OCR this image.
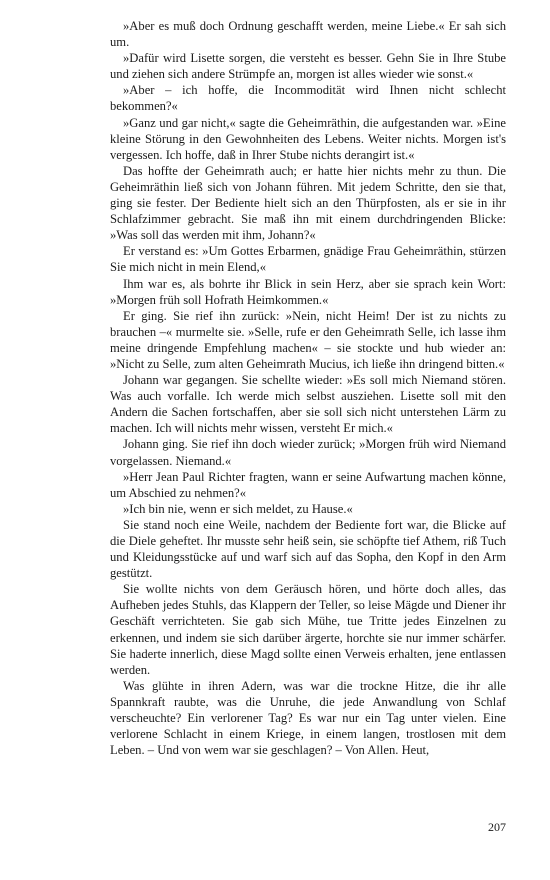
»Aber es muß doch Ordnung geschafft werden, meine Liebe.« Er sah sich um.

»Dafür wird Lisette sorgen, die versteht es besser. Gehn Sie in Ihre Stube und ziehen sich andere Strümpfe an, morgen ist alles wieder wie sonst.«

»Aber – ich hoffe, die Incommodität wird Ihnen nicht schlecht bekommen?«

»Ganz und gar nicht,« sagte die Geheimräthin, die aufgestanden war. »Eine kleine Störung in den Gewohnheiten des Lebens. Weiter nichts. Morgen ist's vergessen. Ich hoffe, daß in Ihrer Stube nichts derangirt ist.«

Das hoffte der Geheimrath auch; er hatte hier nichts mehr zu thun. Die Geheimräthin ließ sich von Johann führen. Mit jedem Schritte, den sie that, ging sie fester. Der Bediente hielt sich an den Thürpfosten, als er sie in ihr Schlafzimmer gebracht. Sie maß ihn mit einem durchdringenden Blicke: »Was soll das werden mit ihm, Johann?«

Er verstand es: »Um Gottes Erbarmen, gnädige Frau Geheimräthin, stürzen Sie mich nicht in mein Elend,«

Ihm war es, als bohrte ihr Blick in sein Herz, aber sie sprach kein Wort: »Morgen früh soll Hofrath Heimkommen.«

Er ging. Sie rief ihn zurück: »Nein, nicht Heim! Der ist zu nichts zu brauchen –« murmelte sie. »Selle, rufe er den Geheimrath Selle, ich lasse ihm meine dringende Empfehlung machen« – sie stockte und hub wieder an: »Nicht zu Selle, zum alten Geheimrath Mucius, ich ließe ihn dringend bitten.«

Johann war gegangen. Sie schellte wieder: »Es soll mich Niemand stören. Was auch vorfalle. Ich werde mich selbst ausziehen. Lisette soll mit den Andern die Sachen fortschaffen, aber sie soll sich nicht unterstehen Lärm zu machen. Ich will nichts mehr wissen, versteht Er mich.«

Johann ging. Sie rief ihn doch wieder zurück; »Morgen früh wird Niemand vorgelassen. Niemand.«

»Herr Jean Paul Richter fragten, wann er seine Aufwartung machen könne, um Abschied zu nehmen?«

»Ich bin nie, wenn er sich meldet, zu Hause.«

Sie stand noch eine Weile, nachdem der Bediente fort war, die Blicke auf die Diele geheftet. Ihr musste sehr heiß sein, sie schöpfte tief Athem, riß Tuch und Kleidungsstücke auf und warf sich auf das Sopha, den Kopf in den Arm gestützt.

Sie wollte nichts von dem Geräusch hören, und hörte doch alles, das Aufheben jedes Stuhls, das Klappern der Teller, so leise Mägde und Diener ihr Geschäft verrichteten. Sie gab sich Mühe, tue Tritte jedes Einzelnen zu erkennen, und indem sie sich darüber ärgerte, horchte sie nur immer schärfer. Sie haderte innerlich, diese Magd sollte einen Verweis erhalten, jene entlassen werden.

Was glühte in ihren Adern, was war die trockne Hitze, die ihr alle Spannkraft raubte, was die Unruhe, die jede Anwandlung von Schlaf verscheuchte? Ein verlorener Tag? Es war nur ein Tag unter vielen. Eine verlorene Schlacht in einem Kriege, in einem langen, trostlosen mit dem Leben. – Und von wem war sie geschlagen? – Von Allen. Heut,

207
